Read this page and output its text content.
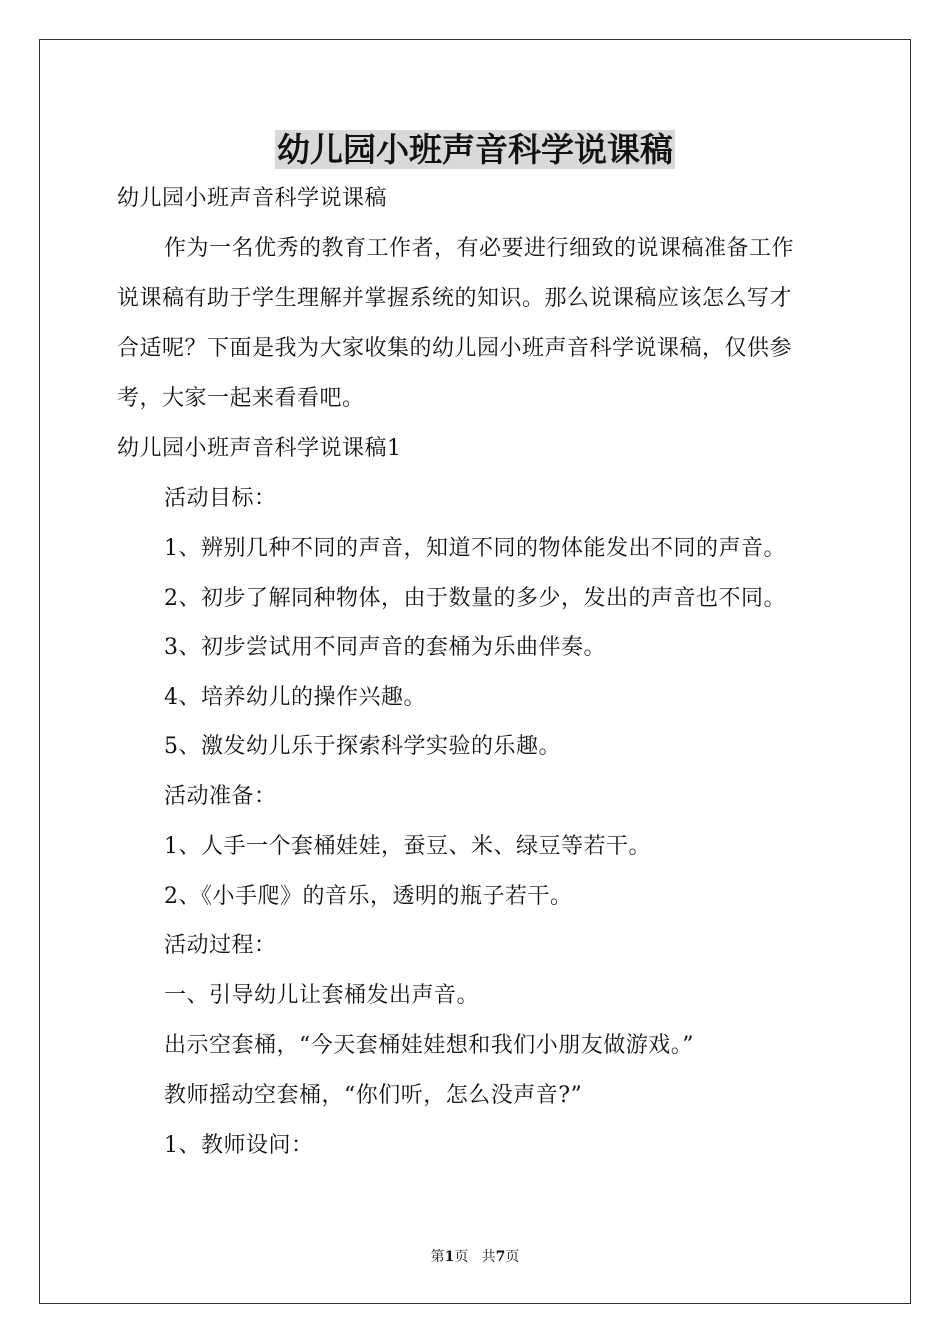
幼儿园小班声音科学说课稿

幼儿园小班声音科学说课稿

作为一名优秀的教育工作者，有必要进行细致的说课稿准备工作

说课稿有助于学生理解并掌握系统的知识。那么说课稿应该怎么写才

合适呢？下面是我为大家收集的幼儿园小班声音科学说课稿，仅供参

考，大家一起来看看吧。

幼儿园小班声音科学说课稿1

活动目标：

1、辨别几种不同的声音，知道不同的物体能发出不同的声音。

2、初步了解同种物体，由于数量的多少，发出的声音也不同。

3、初步尝试用不同声音的套桶为乐曲伴奏。

4、培养幼儿的操作兴趣。

5、激发幼儿乐于探索科学实验的乐趣。

活动准备：

1、人手一个套桶娃娃，蚕豆、米、绿豆等若干。

2、《小手爬》的音乐，透明的瓶子若干。

活动过程：

一、引导幼儿让套桶发出声音。

出示空套桶，“今天套桶娃娃想和我们小朋友做游戏。”

教师摇动空套桶，“你们听，怎么没声音?”

1、教师设问：

第1页 共7页
